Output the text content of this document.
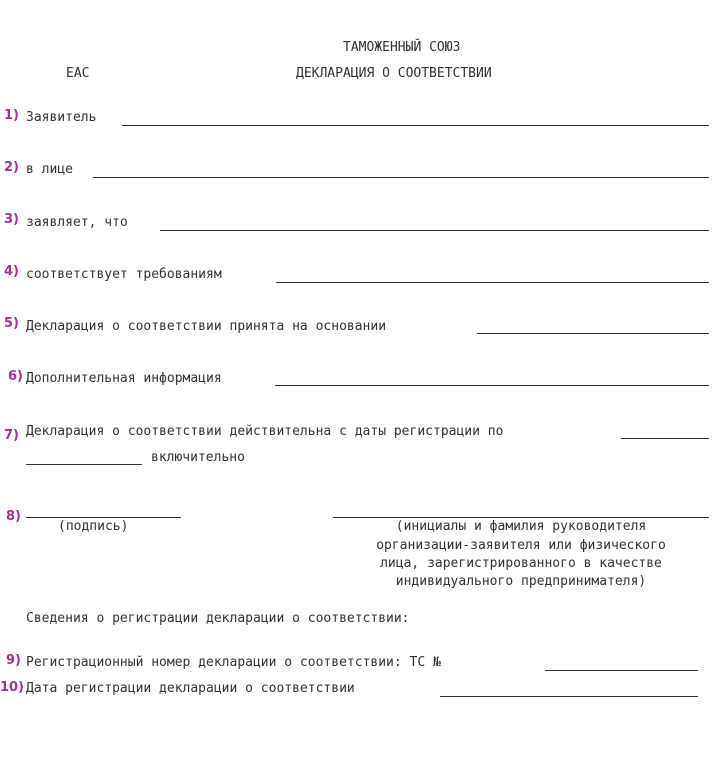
ТАМОЖЕННЫЙ СОЮЗ
ЕАС	ДЕКЛАРАЦИЯ О СООТВЕТСТВИИ
1) Заявитель
2) в лице
3) заявляет, что
4) соответствует требованиям
5) Декларация о соответствии принята на основании
6) Дополнительная информация
7) Декларация о соответствии действительна с даты регистрации по
включительно
8)
(подпись)	(инициалы и фамилия руководителя
организации-заявителя или физического
лица, зарегистрированного в качестве
индивидуального предпринимателя)
Сведения о регистрации декларации о соответствии:
9) Регистрационный номер декларации о соответствии: ТС №
10) Дата регистрации декларации о соответствии
